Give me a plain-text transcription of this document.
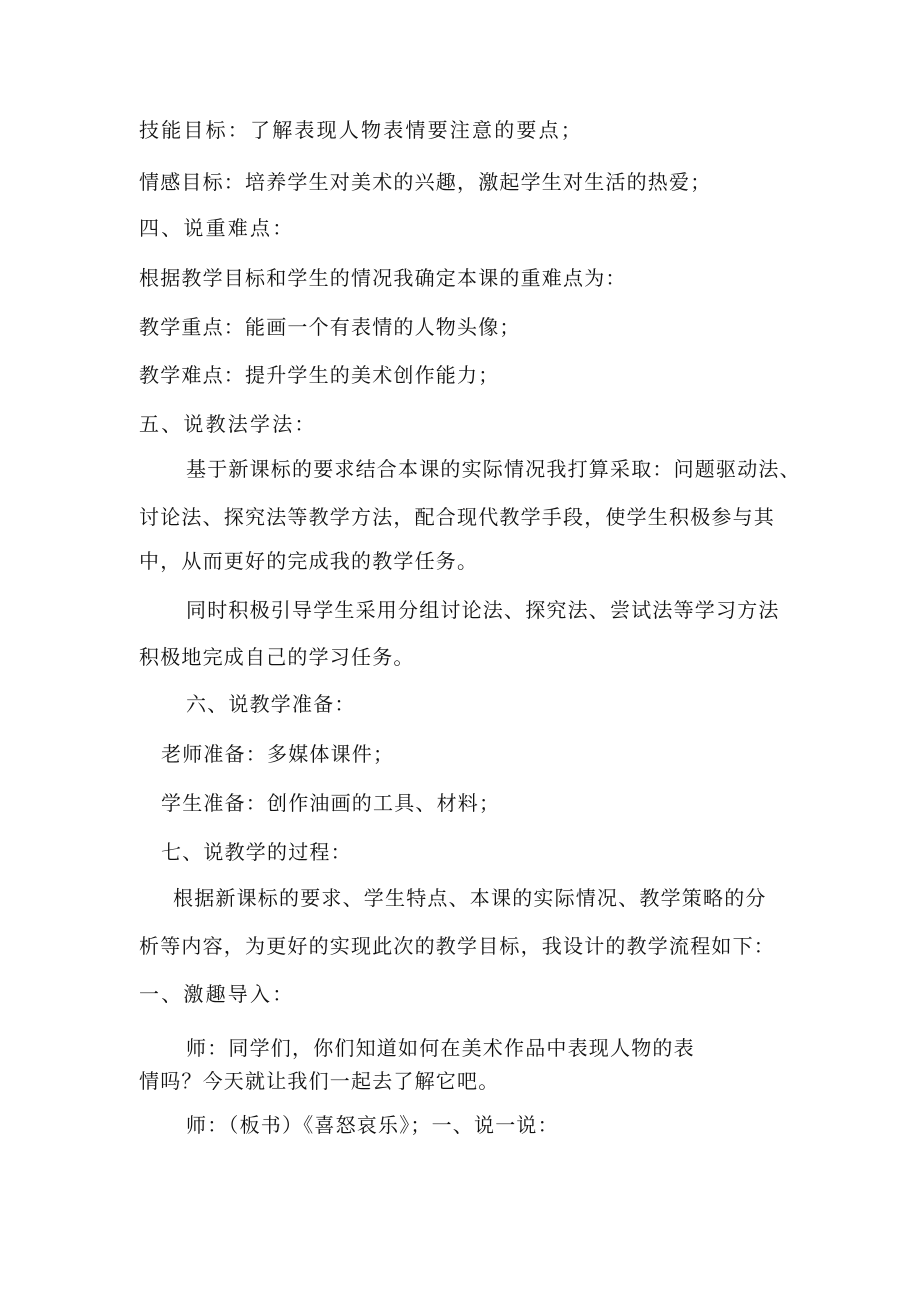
技能目标：了解表现人物表情要注意的要点；
情感目标：培养学生对美术的兴趣，激起学生对生活的热爱；
四、说重难点：
根据教学目标和学生的情况我确定本课的重难点为：
教学重点：能画一个有表情的人物头像；
教学难点：提升学生的美术创作能力；
五、说教法学法：
基于新课标的要求结合本课的实际情况我打算采取：问题驱动法、
讨论法、探究法等教学方法，配合现代教学手段，使学生积极参与其
中，从而更好的完成我的教学任务。
同时积极引导学生采用分组讨论法、探究法、尝试法等学习方法
积极地完成自己的学习任务。
六、说教学准备：
老师准备：多媒体课件；
学生准备：创作油画的工具、材料；
七、说教学的过程：
根据新课标的要求、学生特点、本课的实际情况、教学策略的分
析等内容，为更好的实现此次的教学目标，我设计的教学流程如下：
一、激趣导入：
师：同学们，你们知道如何在美术作品中表现人物的表
情吗？今天就让我们一起去了解它吧。
师：（板书）《喜怒哀乐》；一、说一说：
